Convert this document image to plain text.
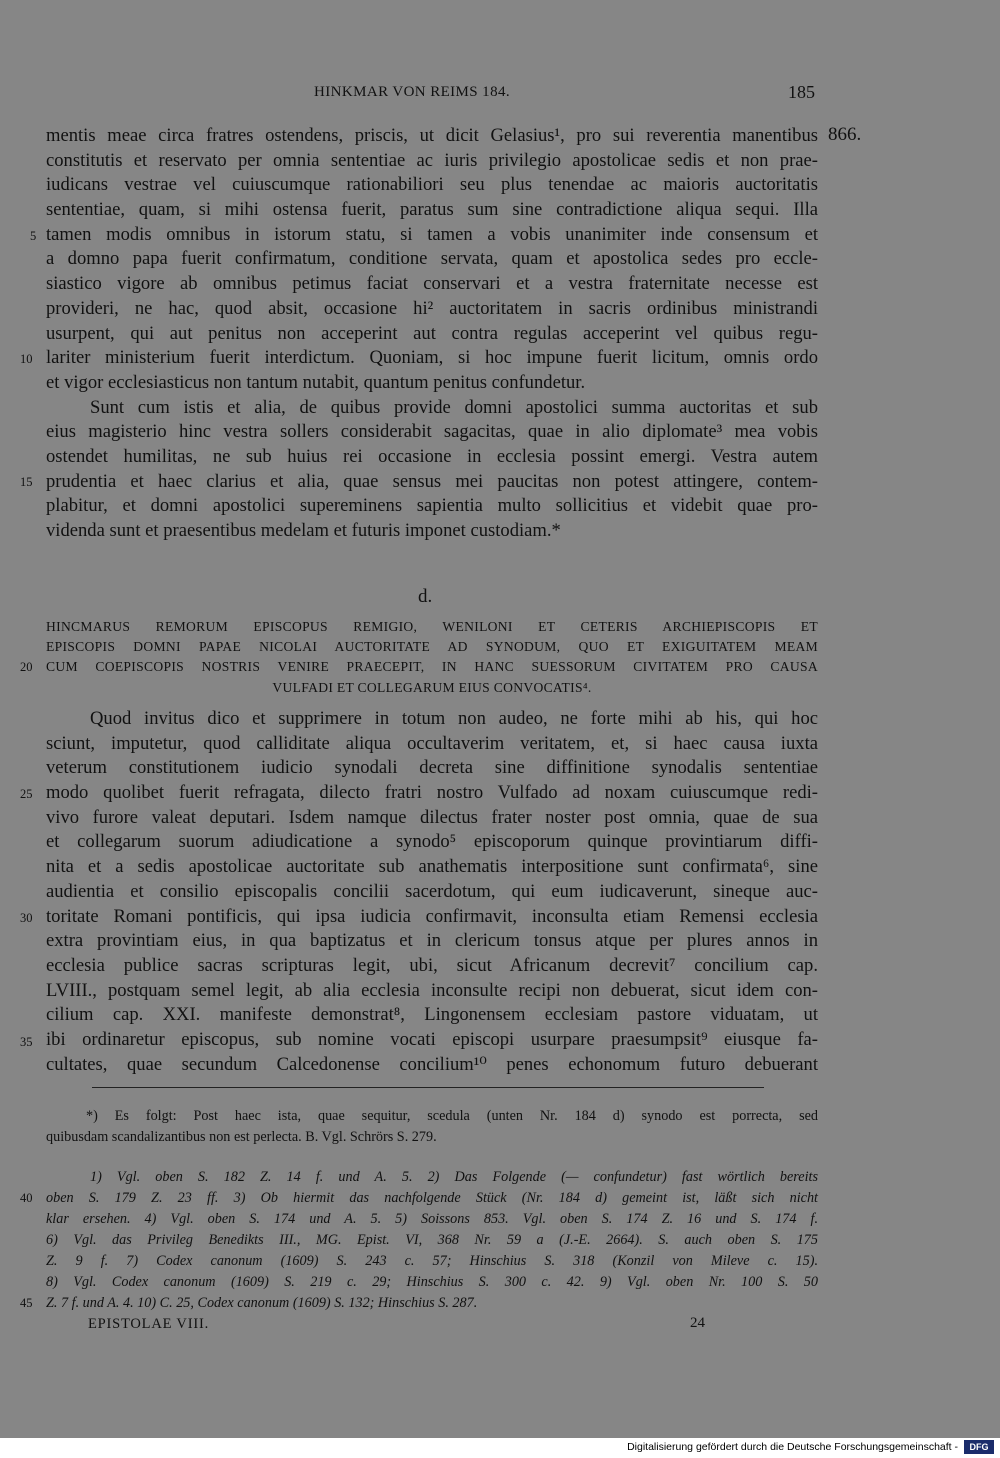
HINKMAR VON REIMS 184.	185
866.
mentis meae circa fratres ostendens, priscis, ut dicit Gelasius¹, pro sui reverentia manentibus
constitutis et reservato per omnia sententiae ac iuris privilegio apostolicae sedis et non prae-
iudicans vestrae vel cuiuscumque rationabiliori seu plus tenendae ac maioris auctoritatis
sententiae, quam, si mihi ostensa fuerit, paratus sum sine contradictione aliqua sequi. Illa
tamen modis omnibus in istorum statu, si tamen a vobis unanimiter inde consensum et
a domno papa fuerit confirmatum, conditione servata, quam et apostolica sedes pro eccle-
siastico vigore ab omnibus petimus faciat conservari et a vestra fraternitate necesse est
provideri, ne hac, quod absit, occasione hi² auctoritatem in sacris ordinibus ministrandi
usurpent, qui aut penitus non acceperint aut contra regulas acceperint vel quibus regu-
lariter ministerium fuerit interdictum. Quoniam, si hoc impune fuerit licitum, omnis ordo
et vigor ecclesiasticus non tantum nutabit, quantum penitus confundetur.
Sunt cum istis et alia, de quibus provide domni apostolici summa auctoritas et sub
eius magisterio hinc vestra sollers considerabit sagacitas, quae in alio diplomate³ mea vobis
ostendet humilitas, ne sub huius rei occasione in ecclesia possint emergi. Vestra autem
prudentia et haec clarius et alia, quae sensus mei paucitas non potest attingere, contem-
plabitur, et domni apostolici supereminens sapientia multo sollicitius et videbit quae pro-
videnda sunt et praesentibus medelam et futuris imponet custodiam.*
d.
HINCMARUS REMORUM EPISCOPUS REMIGIO, WENILONI ET CETERIS ARCHIEPISCOPIS ET
EPISCOPIS DOMNI PAPAE NICOLAI AUCTORITATE AD SYNODUM, QUO ET EXIGUITATEM MEAM
CUM COEPISCOPIS NOSTRIS VENIRE PRAECEPIT, IN HANC SUESSORUM CIVITATEM PRO CAUSA
VULFADI ET COLLEGARUM EIUS CONVOCATIS⁴.
Quod invitus dico et supprimere in totum non audeo, ne forte mihi ab his, qui hoc
sciunt, imputetur, quod calliditate aliqua occultaverim veritatem, et, si haec causa iuxta
veterum constitutionem iudicio synodali decreta sine diffinitione synodalis sententiae
modo quolibet fuerit refragata, dilecto fratri nostro Vulfado ad noxam cuiuscumque redi-
vivo furore valeat deputari. Isdem namque dilectus frater noster post omnia, quae de sua
et collegarum suorum adiudicatione a synodo⁵ episcoporum quinque provintiarum diffi-
nita et a sedis apostolicae auctoritate sub anathematis interpositione sunt confirmata⁶, sine
audientia et consilio episcopalis concilii sacerdotum, qui eum iudicaverunt, sineque auc-
toritate Romani pontificis, qui ipsa iudicia confirmavit, inconsulta etiam Remensi ecclesia
extra provintiam eius, in qua baptizatus et in clericum tonsus atque per plures annos in
ecclesia publice sacras scripturas legit, ubi, sicut Africanum decrevit⁷ concilium cap.
LVIII., postquam semel legit, ab alia ecclesia inconsulte recipi non debuerat, sicut idem con-
cilium cap. XXI. manifeste demonstrat⁸, Lingonensem ecclesiam pastore viduatam, ut
ibi ordinaretur episcopus, sub nomine vocati episcopi usurpare praesumpsit⁹ eiusque fa-
cultates, quae secundum Calcedonense concilium¹⁰ penes echonomum futuro debuerant
5
10
15
20
25
30
35
40
45
*) Es folgt: Post haec ista, quae sequitur, scedula (unten Nr. 184 d) synodo est porrecta, sed
quibusdam scandalizantibus non est perlecta. B. Vgl. Schrörs S. 279.
1) Vgl. oben S. 182 Z. 14 f. und A. 5. 2) Das Folgende (— confundetur) fast wörtlich bereits
oben S. 179 Z. 23 ff. 3) Ob hiermit das nachfolgende Stück (Nr. 184 d) gemeint ist, läßt sich nicht
klar ersehen. 4) Vgl. oben S. 174 und A. 5. 5) Soissons 853. Vgl. oben S. 174 Z. 16 und S. 174 f.
6) Vgl. das Privileg Benedikts III., MG. Epist. VI, 368 Nr. 59 a (J.-E. 2664). S. auch oben S. 175
Z. 9 f. 7) Codex canonum (1609) S. 243 c. 57; Hinschius S. 318 (Konzil von Mileve c. 15).
8) Vgl. Codex canonum (1609) S. 219 c. 29; Hinschius S. 300 c. 42. 9) Vgl. oben Nr. 100 S. 50
Z. 7 f. und A. 4. 10) C. 25, Codex canonum (1609) S. 132; Hinschius S. 287.
EPISTOLAE VIII.	24
Digitalisierung gefördert durch die Deutsche Forschungsgemeinschaft -	DFG
